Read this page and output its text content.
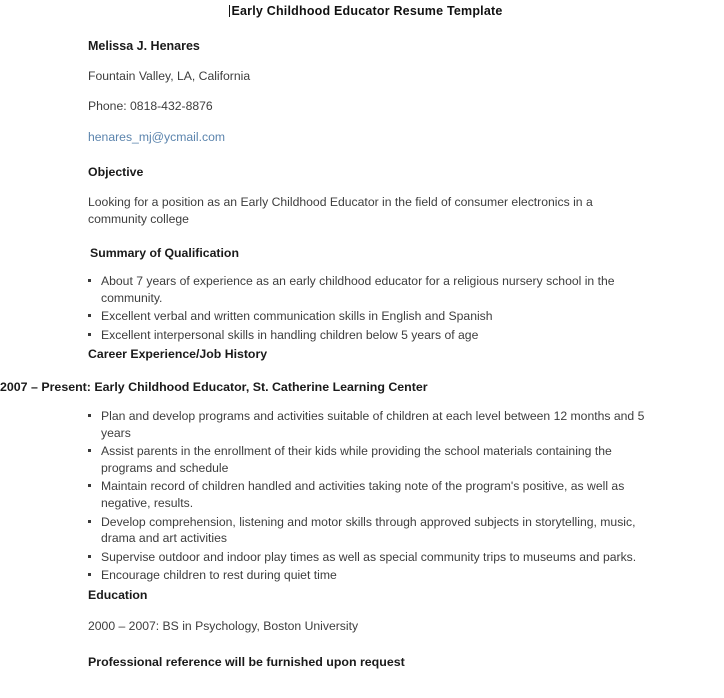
Early Childhood Educator Resume Template
Melissa J. Henares
Fountain Valley, LA, California
Phone: 0818-432-8876
henares_mj@ycmail.com
Objective
Looking for a position as an Early Childhood Educator in the field of consumer electronics in a community college
Summary of Qualification
About 7 years of experience as an early childhood educator for a religious nursery school in the community.
Excellent verbal and written communication skills in English and Spanish
Excellent interpersonal skills in handling children below 5 years of age
Career Experience/Job History
2007 – Present: Early Childhood Educator, St. Catherine Learning Center
Plan and develop programs and activities suitable of children at each level between 12 months and 5 years
Assist parents in the enrollment of their kids while providing the school materials containing the programs and schedule
Maintain record of children handled and activities taking note of the program's positive, as well as negative, results.
Develop comprehension, listening and motor skills through approved subjects in storytelling, music, drama and art activities
Supervise outdoor and indoor play times as well as special community trips to museums and parks.
Encourage children to rest during quiet time
Education
2000 – 2007: BS in Psychology, Boston University
Professional reference will be furnished upon request
